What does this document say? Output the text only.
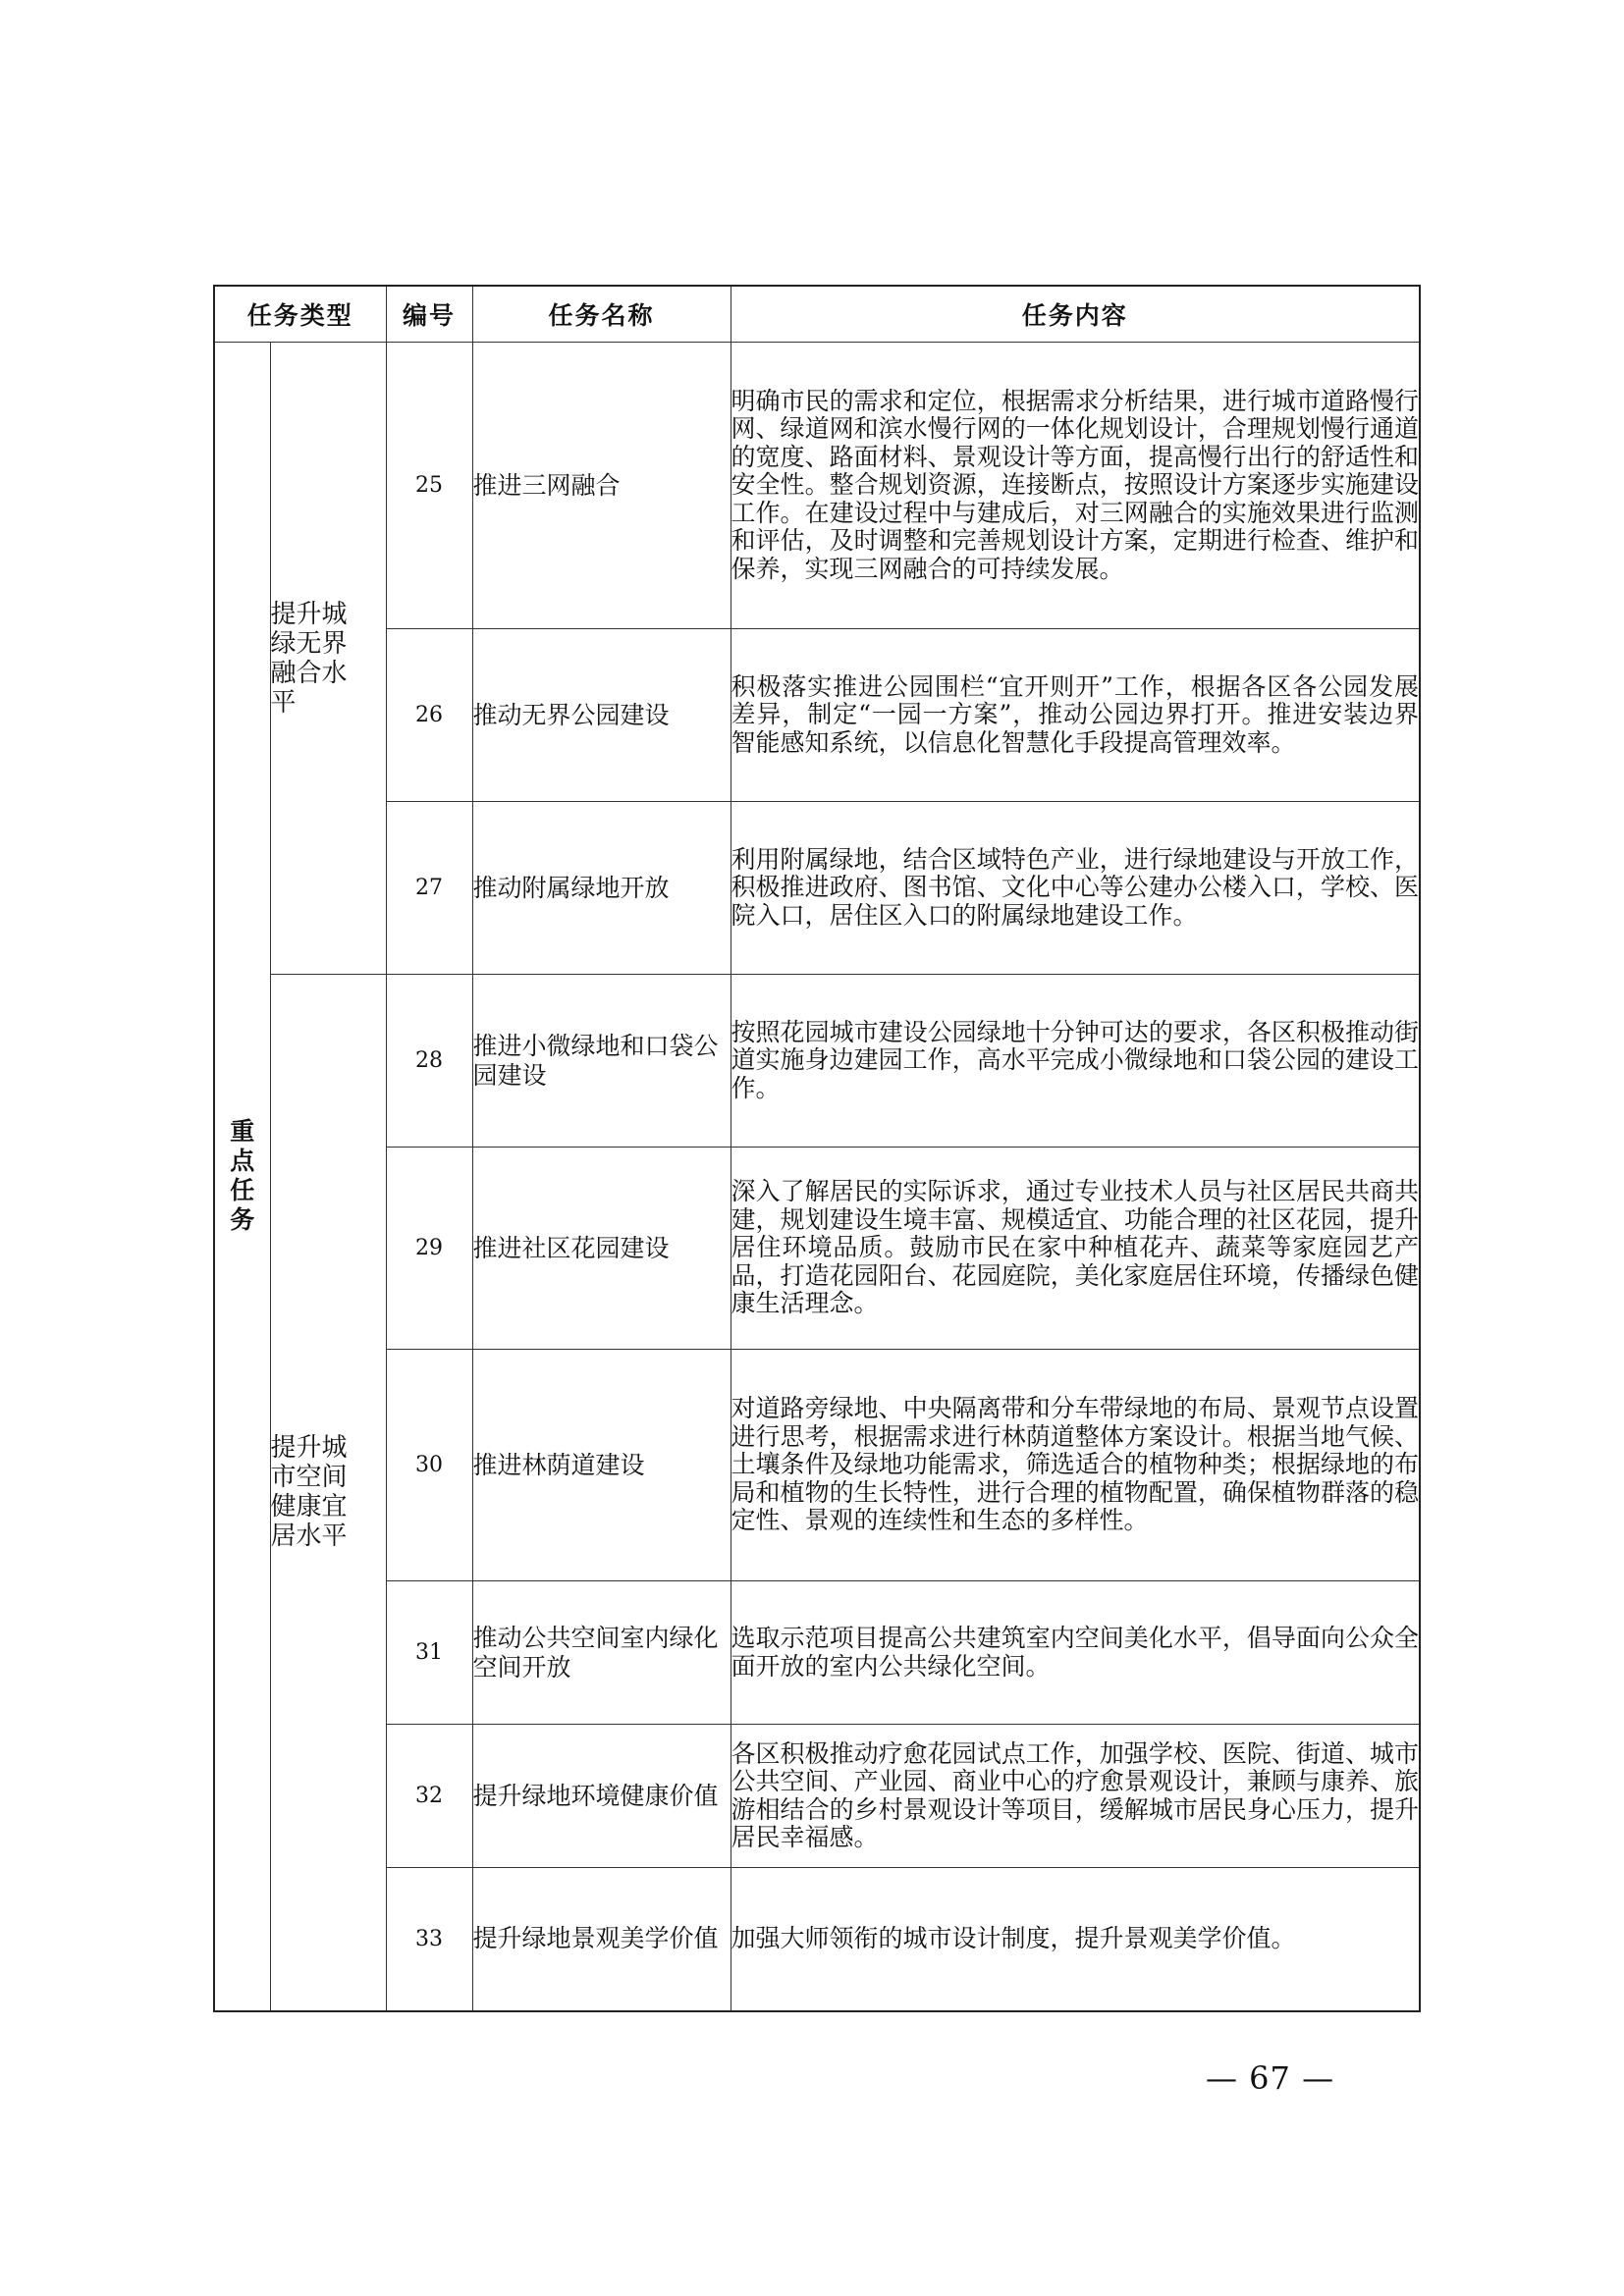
任务类型		编号	任务名称	任务内容
重点任务	提升城绿无界融合水平	25	推进三网融合	明确市民的需求和定位，根据需求分析结果，进行城市道路慢行网、绿道网和滨水慢行网的一体化规划设计，合理规划慢行通道的宽度、路面材料、景观设计等方面，提高慢行出行的舒适性和安全性。整合规划资源，连接断点，按照设计方案逐步实施建设工作。在建设过程中与建成后，对三网融合的实施效果进行监测和评估，及时调整和完善规划设计方案，定期进行检查、维护和保养，实现三网融合的可持续发展。
		26	推动无界公园建设	积极落实推进公园围栏“宜开则开”工作，根据各区各公园发展差异，制定“一园一方案”，推动公园边界打开。推进安装边界智能感知系统，以信息化智慧化手段提高管理效率。
		27	推动附属绿地开放	利用附属绿地，结合区域特色产业，进行绿地建设与开放工作，积极推进政府、图书馆、文化中心等公建办公楼入口，学校、医院入口，居住区入口的附属绿地建设工作。
	提升城市空间健康宜居水平	28	推进小微绿地和口袋公园建设	按照花园城市建设公园绿地十分钟可达的要求，各区积极推动街道实施身边建园工作，高水平完成小微绿地和口袋公园的建设工作。
		29	推进社区花园建设	深入了解居民的实际诉求，通过专业技术人员与社区居民共商共建，规划建设生境丰富、规模适宜、功能合理的社区花园，提升居住环境品质。鼓励市民在家中种植花卉、蔬菜等家庭园艺产品，打造花园阳台、花园庭院，美化家庭居住环境，传播绿色健康生活理念。
		30	推进林荫道建设	对道路旁绿地、中央隔离带和分车带绿地的布局、景观节点设置进行思考，根据需求进行林荫道整体方案设计。根据当地气候、土壤条件及绿地功能需求，筛选适合的植物种类；根据绿地的布局和植物的生长特性，进行合理的植物配置，确保植物群落的稳定性、景观的连续性和生态的多样性。
		31	推动公共空间室内绿化空间开放	选取示范项目提高公共建筑室内空间美化水平，倡导面向公众全面开放的室内公共绿化空间。
		32	提升绿地环境健康价值	各区积极推动疗愈花园试点工作，加强学校、医院、街道、城市公共空间、产业园、商业中心的疗愈景观设计，兼顾与康养、旅游相结合的乡村景观设计等项目，缓解城市居民身心压力，提升居民幸福感。
		33	提升绿地景观美学价值	加强大师领衔的城市设计制度，提升景观美学价值。
— 67 —
